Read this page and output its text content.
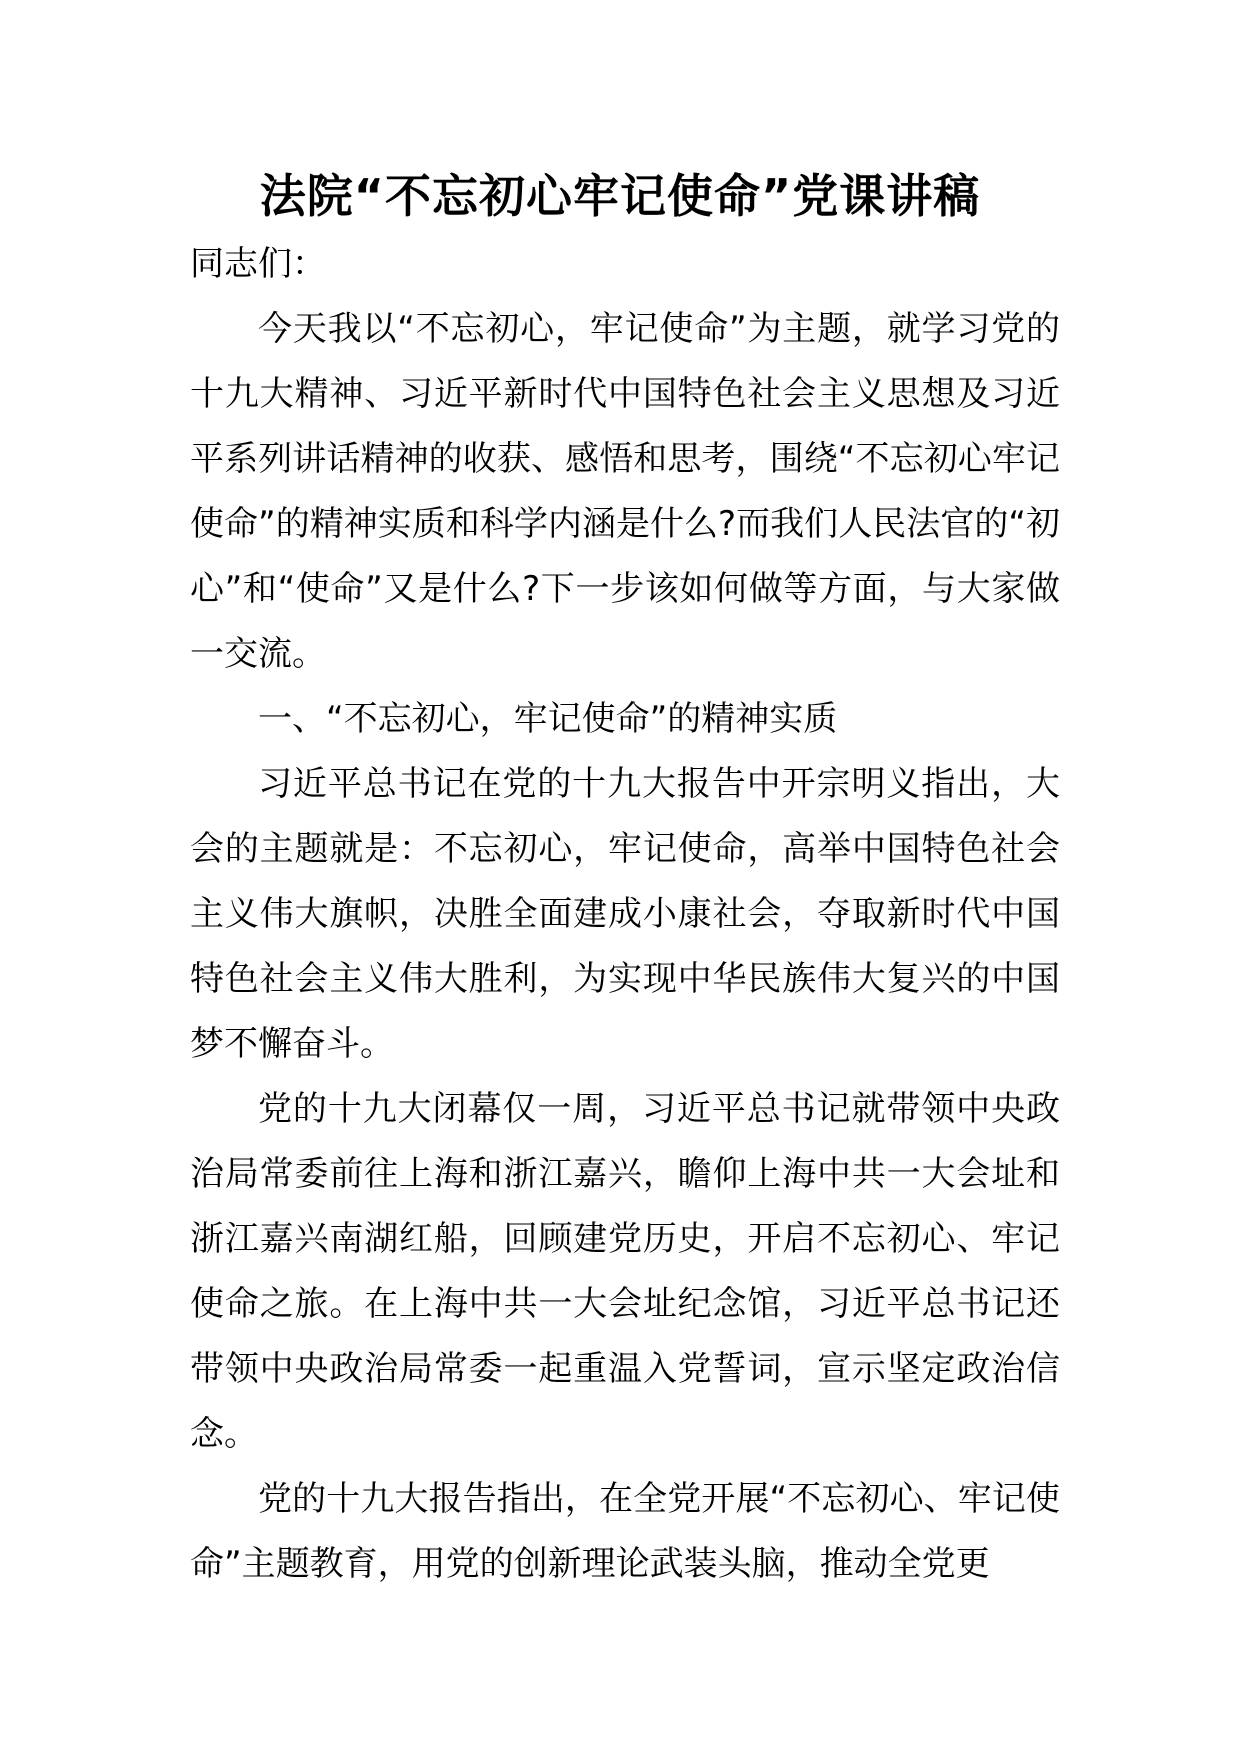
法院“不忘初心牢记使命”党课讲稿

同志们：

今天我以“不忘初心，牢记使命”为主题，就学习党的十九大精神、习近平新时代中国特色社会主义思想及习近平系列讲话精神的收获、感悟和思考，围绕“不忘初心牢记使命”的精神实质和科学内涵是什么?而我们人民法官的“初心”和“使命”又是什么?下一步该如何做等方面，与大家做一交流。

一、“不忘初心，牢记使命”的精神实质

习近平总书记在党的十九大报告中开宗明义指出，大会的主题就是：不忘初心，牢记使命，高举中国特色社会主义伟大旗帜，决胜全面建成小康社会，夺取新时代中国特色社会主义伟大胜利，为实现中华民族伟大复兴的中国梦不懈奋斗。

党的十九大闭幕仅一周，习近平总书记就带领中央政治局常委前往上海和浙江嘉兴，瞻仰上海中共一大会址和浙江嘉兴南湖红船，回顾建党历史，开启不忘初心、牢记使命之旅。在上海中共一大会址纪念馆，习近平总书记还带领中央政治局常委一起重温入党誓词，宣示坚定政治信念。

党的十九大报告指出，在全党开展“不忘初心、牢记使命”主题教育，用党的创新理论武装头脑，推动全党更
